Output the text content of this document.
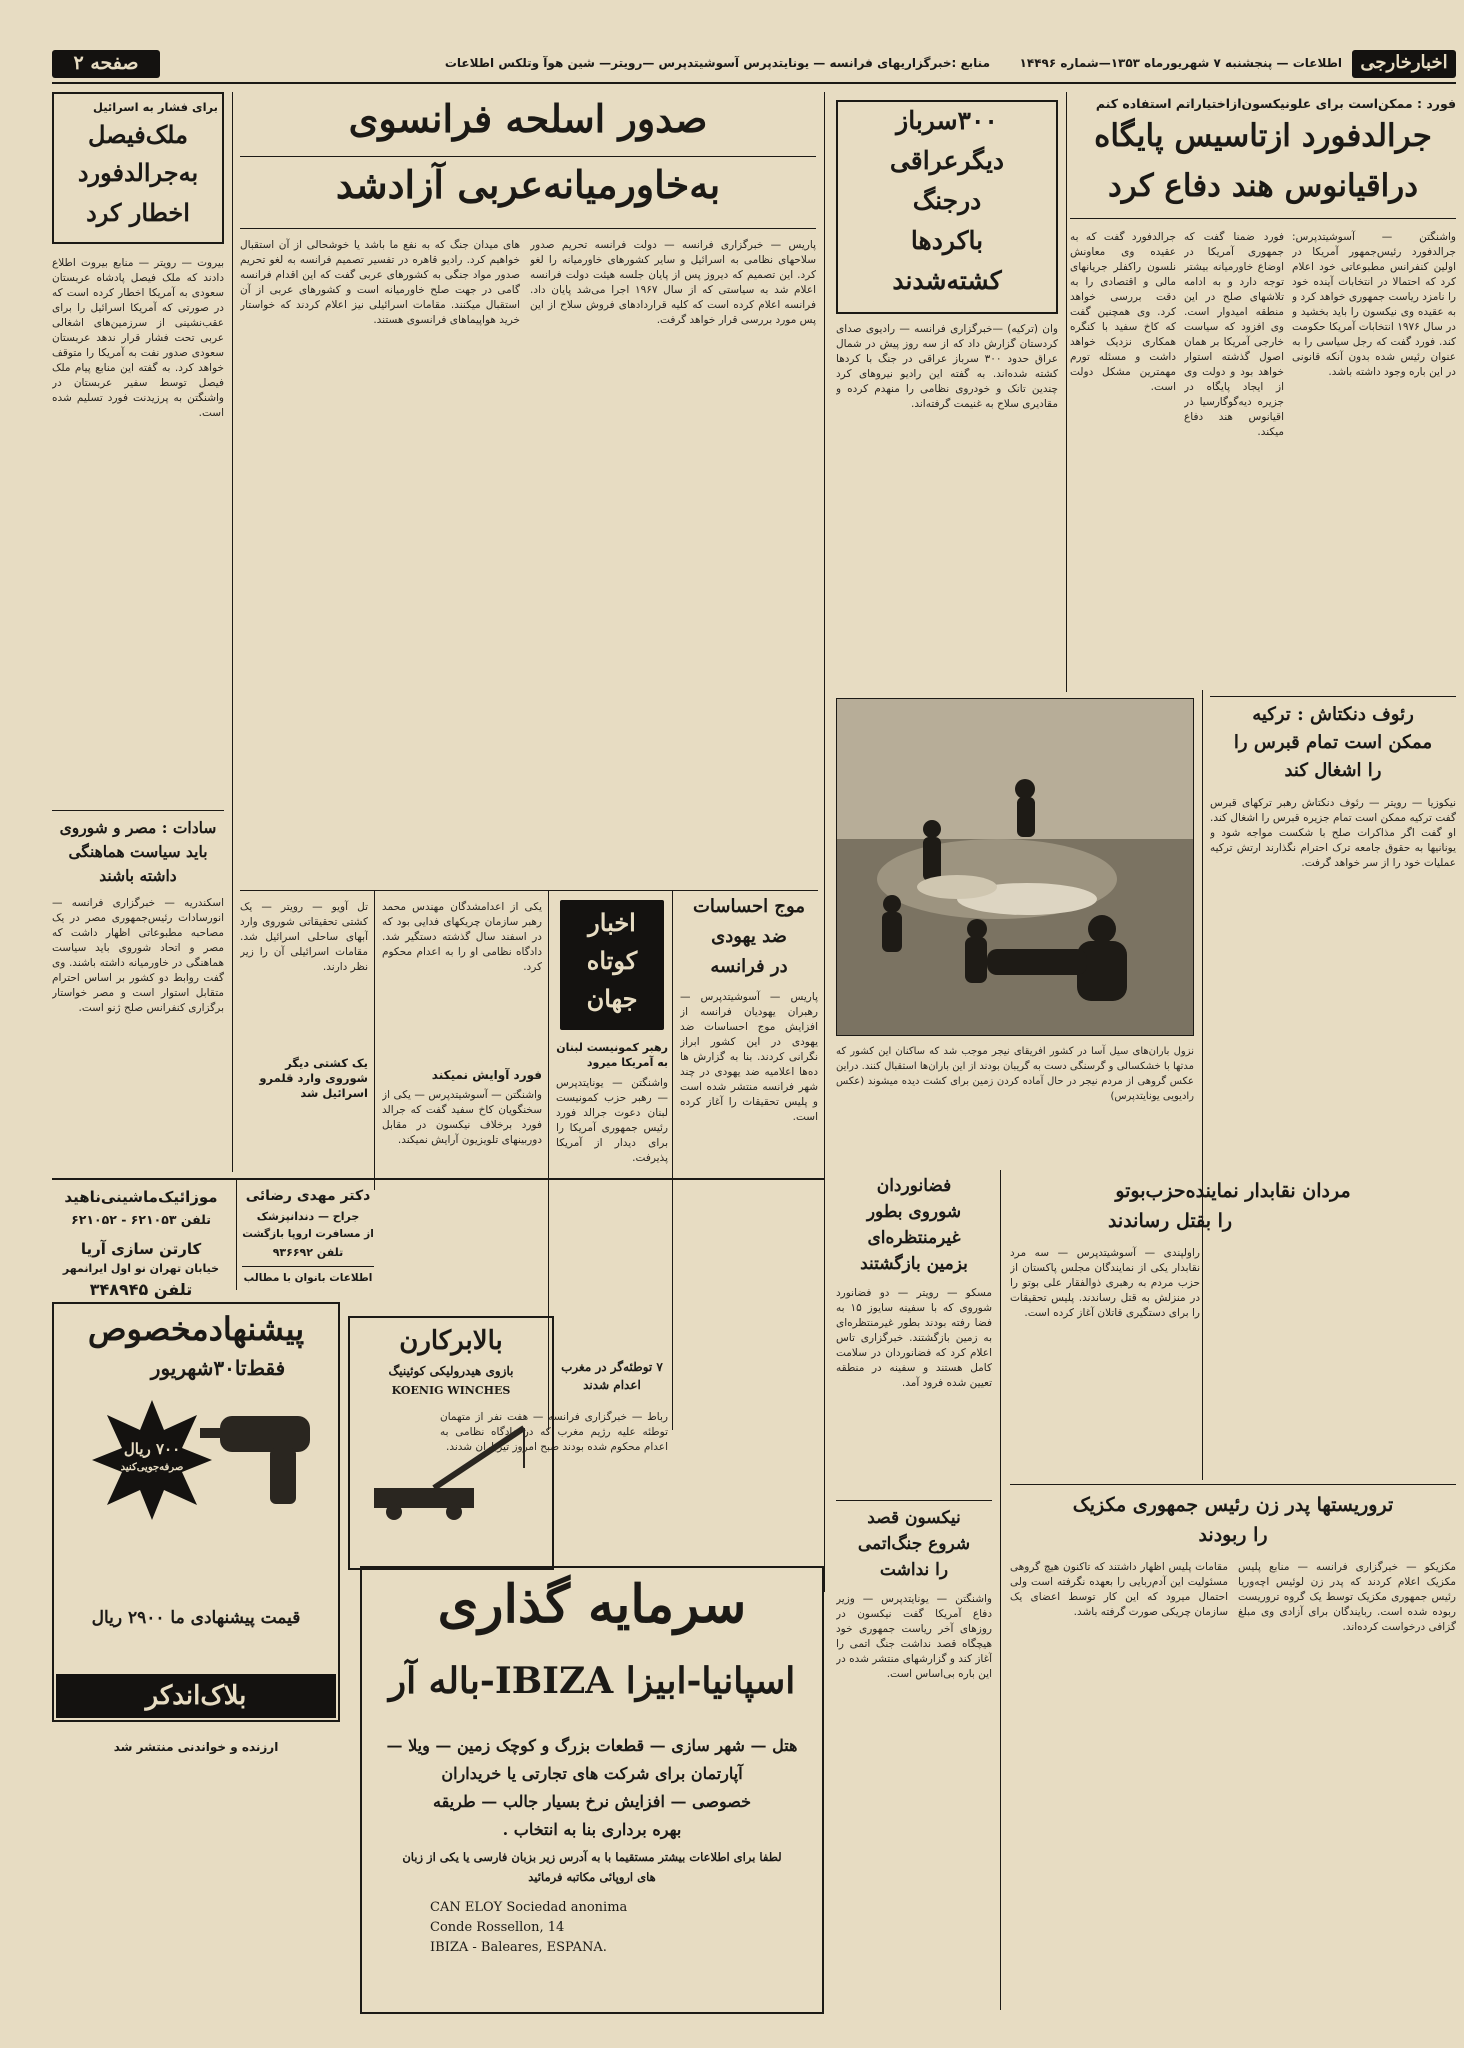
اخبارخارجی
اطلاعات — پنجشنبه ۷ شهریورماه ۱۳۵۳—شماره ۱۴۴۹۶
منابع :خبرگزاریهای فرانسه — یونایتدپرس آسوشیتدپرس —رویتر— شین هوآ وتلکس اطلاعات
صفحه ۲
فورد : ممکن‌است برای علونیکسون‌ازاختیاراتم استفاده کنم
جرالدفورد ازتاسیس پایگاه
دراقیانوس هند دفاع کرد
واشنگتن — آسوشیتدپرس: جرالدفورد رئیس‌جمهور آمریکا در اولین کنفرانس مطبوعاتی خود اعلام کرد که احتمالا در انتخابات آینده خود را نامزد ریاست جمهوری خواهد کرد و به عقیده وی نیکسون را باید بخشید و در سال ۱۹۷۶ انتخابات آمریکا حکومت کند. فورد گفت که رجل سیاسی را به عنوان رئیس شده بدون آنکه قانونی در این باره وجود داشته باشد.
فورد ضمنا گفت که جمهوری آمریکا در اوضاع خاورمیانه بیشتر توجه دارد و به ادامه تلاشهای صلح در این منطقه امیدوار است. وی افزود که سیاست خارجی آمریکا بر همان اصول گذشته استوار خواهد بود و دولت وی از ایجاد پایگاه در جزیره دیه‌گوگارسیا در اقیانوس هند دفاع میکند.
جرالدفورد گفت که به عقیده وی معاونش نلسون راکفلر جریانهای مالی و اقتصادی را به دقت بررسی خواهد کرد. وی همچنین گفت که کاخ سفید با کنگره همکاری نزدیک خواهد داشت و مسئله تورم مهمترین مشکل دولت است.
۳۰۰سرباز
دیگرعراقی
درجنگ
باکردها
کشته‌شدند
وان (ترکیه) —خبرگزاری فرانسه — رادیوی صدای کردستان گزارش داد که از سه روز پیش در شمال عراق حدود ۳۰۰ سرباز عراقی در جنگ با کردها کشته شده‌اند. به گفته این رادیو نیروهای کرد چندین تانک و خودروی نظامی را منهدم کرده و مقادیری سلاح به غنیمت گرفته‌اند.
صدور اسلحه فرانسوی
به‌خاورمیانه‌عربی آزادشد
پاریس — خبرگزاری فرانسه — دولت فرانسه تحریم صدور سلاحهای نظامی به اسرائیل و سایر کشورهای خاورمیانه را لغو کرد. این تصمیم که دیروز پس از پایان جلسه هیئت دولت فرانسه اعلام شد به سیاستی که از سال ۱۹۶۷ اجرا می‌شد پایان داد. فرانسه اعلام کرده است که کلیه قراردادهای فروش سلاح از این پس مورد بررسی قرار خواهد گرفت.
های میدان جنگ که به نفع ما باشد یا خوشحالی از آن استقبال خواهیم کرد. رادیو قاهره در تفسیر تصمیم فرانسه به لغو تحریم صدور مواد جنگی به کشورهای عربی گفت که این اقدام فرانسه گامی در جهت صلح خاورمیانه است و کشورهای عربی از آن استقبال میکنند. مقامات اسرائیلی نیز اعلام کردند که خواستار خرید هواپیماهای فرانسوی هستند.
برای فشار به اسرائیل
ملک‌فیصل
به‌جرالدفورد
اخطار کرد
بیروت — رویتر — منابع بیروت اطلاع دادند که ملک فیصل پادشاه عربستان سعودی به آمریکا اخطار کرده است که در صورتی که آمریکا اسرائیل را برای عقب‌نشینی از سرزمین‌های اشغالی عربی تحت فشار قرار ندهد عربستان سعودی صدور نفت به آمریکا را متوقف خواهد کرد. به گفته این منابع پیام ملک فیصل توسط سفیر عربستان در واشنگتن به پرزیدنت فورد تسلیم شده است.
سادات : مصر و شوروی
باید سیاست هماهنگی
داشته باشند
اسکندریه — خبرگزاری فرانسه — انورسادات رئیس‌جمهوری مصر در یک مصاحبه مطبوعاتی اظهار داشت که مصر و اتحاد شوروی باید سیاست هماهنگی در خاورمیانه داشته باشند. وی گفت روابط دو کشور بر اساس احترام متقابل استوار است و مصر خواستار برگزاری کنفرانس صلح ژنو است.
رئوف دنکتاش : ترکیه
ممکن است تمام قبرس را
را اشغال کند
نیکوزیا — رویتر — رئوف دنکتاش رهبر ترکهای قبرس گفت ترکیه ممکن است تمام جزیره قبرس را اشغال کند. او گفت اگر مذاکرات صلح با شکست مواجه شود و یونانیها به حقوق جامعه ترک احترام نگذارند ارتش ترکیه عملیات خود را از سر خواهد گرفت.
نزول باران‌های سیل آسا در کشور افریقای نیجر موجب شد که ساکنان این کشور که مدتها با خشکسالی و گرسنگی دست به گریبان بودند از این باران‌ها استقبال کنند. دراین عکس گروهی از مردم نیجر در حال آماده کردن زمین برای کشت دیده میشوند (عکس رادیویی یونایتدپرس)
موج احساسات
ضد یهودی
در فرانسه
پاریس — آسوشیتدپرس — رهبران یهودیان فرانسه از افزایش موج احساسات ضد یهودی در این کشور ابراز نگرانی کردند. بنا به گزارش ها ده‌ها اعلامیه ضد یهودی در چند شهر فرانسه منتشر شده است و پلیس تحقیقات را آغاز کرده است.
اخبار
کوتاه
جهان
رهبر کمونیست لبنان به آمریکا میرود
واشنگتن — یونایتدپرس — رهبر حزب کمونیست لبنان دعوت جرالد فورد رئیس جمهوری آمریکا را برای دیدار از آمریکا پذیرفت.
یکی از اعدامشدگان مهندس محمد رهبر سازمان چریکهای فدایی بود که در اسفند سال گذشته دستگیر شد. دادگاه نظامی او را به اعدام محکوم کرد.
فورد آوایش نمیکند
واشنگتن — آسوشیتدپرس — یکی از سخنگویان کاخ سفید گفت که جرالد فورد برخلاف نیکسون در مقابل دوربینهای تلویزیون آرایش نمیکند.
تل آویو — رویتر — یک کشتی تحقیقاتی شوروی وارد آبهای ساحلی اسرائیل شد. مقامات اسرائیلی آن را زیر نظر دارند.
یک کشتی دیگر شوروی وارد قلمرو اسرائیل شد
۷ توطئه‌گر در مغرب اعدام شدند
رباط — خبرگزاری فرانسه — هفت نفر از متهمان توطئه علیه رژیم مغرب که در دادگاه نظامی به اعدام محکوم شده بودند صبح امروز تیرباران شدند.
فضانوردان
شوروی بطور
غیرمنتظره‌ای
بزمین بازگشتند
مسکو — رویتر — دو فضانورد شوروی که با سفینه سایوز ۱۵ به فضا رفته بودند بطور غیرمنتظره‌ای به زمین بازگشتند. خبرگزاری تاس اعلام کرد که فضانوردان در سلامت کامل هستند و سفینه در منطقه تعیین شده فرود آمد.
نیکسون قصد
شروع جنگ‌اتمی
را نداشت
واشنگتن — یونایتدپرس — وزیر دفاع آمریکا گفت نیکسون در روزهای آخر ریاست جمهوری خود هیچگاه قصد نداشت جنگ اتمی را آغاز کند و گزارشهای منتشر شده در این باره بی‌اساس است.
مردان نقابدار نماینده‌حزب‌بوتو
را بقتل رساندند
راولپندی — آسوشیتدپرس — سه مرد نقابدار یکی از نمایندگان مجلس پاکستان از حزب مردم به رهبری ذوالفقار علی بوتو را در منزلش به قتل رساندند. پلیس تحقیقات را برای دستگیری قاتلان آغاز کرده است.
تروریستها پدر زن رئیس جمهوری مکزیک
را ربودند
مکزیکو — خبرگزاری فرانسه — منابع پلیس مکزیک اعلام کردند که پدر زن لوئیس اچه‌وریا رئیس جمهوری مکزیک توسط یک گروه تروریست ربوده شده است. ربایندگان برای آزادی وی مبلغ گزافی درخواست کرده‌اند.
مقامات پلیس اظهار داشتند که تاکنون هیچ گروهی مسئولیت این آدم‌ربایی را بعهده نگرفته است ولی احتمال میرود که این کار توسط اعضای یک سازمان چریکی صورت گرفته باشد.
موزائیک‌ماشینی‌ناهید
تلفن ۶۲۱۰۵۳ - ۶۲۱۰۵۲
کارتن سازی آریا
خیابان تهران نو اول ایرانمهر
تلفن ۳۴۸۹۴۵
دکتر مهدی رضائی
جراح — دندانپزشک
از مسافرت اروپا بازگشت
تلفن ۹۳۶۶۹۲
اطلاعات بانوان با مطالب
پیشنهادمخصوص
فقط‌تا۳۰شهریور
۷۰۰ ریال
صرفه‌جویی‌کنید
قیمت پیشنهادی ما ۲۹۰۰ ریال
بلاک‌اندکر
بالابرکارن
بازوی هیدرولیکی کوئینیگ
KOENIG WINCHES
سرمایه گذاری
اسپانیا-ابیزا IBIZA-باله آر
هتل — شهر سازی — قطعات بزرگ و کوچک زمین — ویلا —
آپارتمان برای شرکت های تجارتی یا خریداران
خصوصی — افزایش نرخ بسیار جالب — طریقه
بهره برداری بنا به انتخاب .
لطفا برای اطلاعات بیشتر مستقیما با به آدرس زیر بزبان فارسی یا یکی از زبان
های اروپائی مکاتبه فرمائید
CAN ELOY Sociedad anonima
Conde Rossellon, 14
IBIZA - Baleares, ESPANA.
ارزنده و خواندنی منتشر شد
